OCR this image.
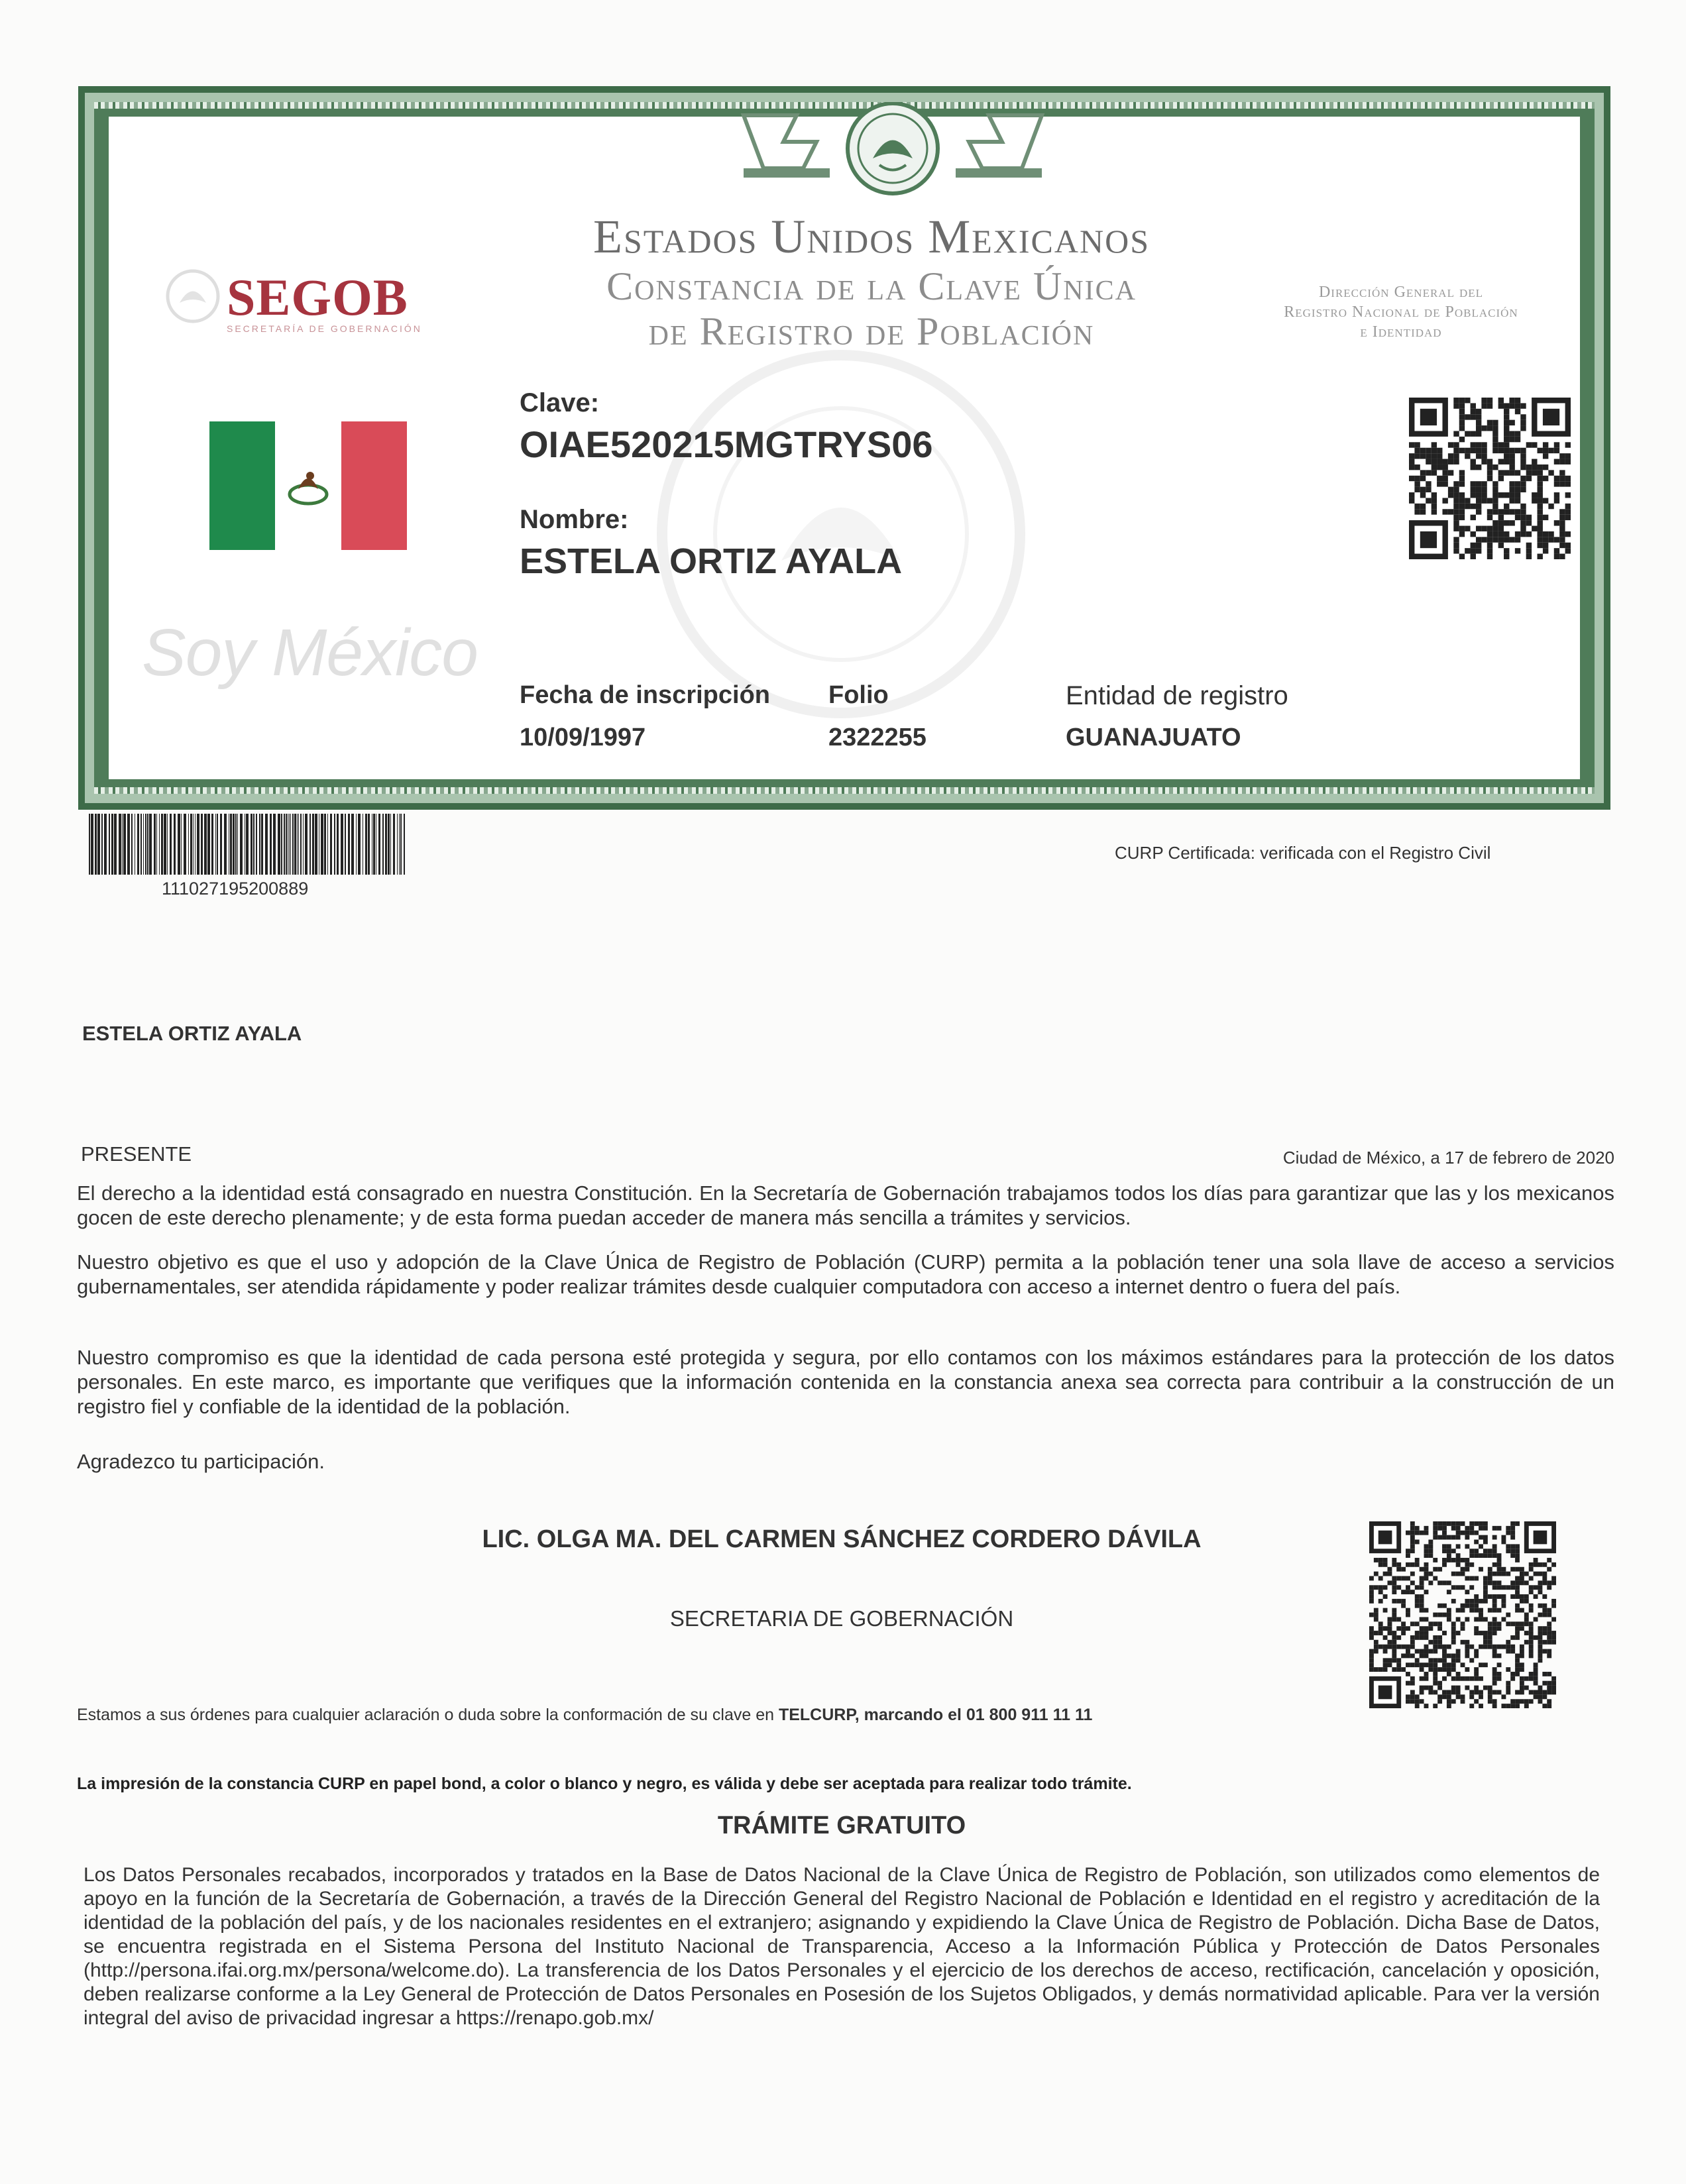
SEGOB
SECRETARÍA DE GOBERNACIÓN
Estados Unidos Mexicanos
Constancia de la Clave Única
de Registro de Población
Dirección General del
Registro Nacional de Población
e Identidad
Soy México
Clave:
OIAE520215MGTRYS06
Nombre:
ESTELA ORTIZ AYALA
Fecha de inscripción
10/09/1997
Folio
2322255
Entidad de registro
GUANAJUATO
111027195200889
CURP Certificada: verificada con el Registro Civil
ESTELA ORTIZ AYALA
PRESENTE	Ciudad de México, a 17 de febrero de 2020
El derecho a la identidad está consagrado en nuestra Constitución. En la Secretaría de Gobernación trabajamos todos los días para garantizar que las y los mexicanos gocen de este derecho plenamente; y de esta forma puedan acceder de manera más sencilla a trámites y servicios.
Nuestro objetivo es que el uso y adopción de la Clave Única de Registro de Población (CURP) permita a la población tener una sola llave de acceso a servicios gubernamentales, ser atendida rápidamente y poder realizar trámites desde cualquier computadora con acceso a internet dentro o fuera del país.
Nuestro compromiso es que la identidad de cada persona esté protegida y segura, por ello contamos con los máximos estándares para la protección de los datos personales. En este marco, es importante que verifiques que la información contenida en la constancia anexa sea correcta para contribuir a la construcción de un registro fiel y confiable de la identidad de la población.
Agradezco tu participación.
LIC. OLGA MA. DEL CARMEN SÁNCHEZ CORDERO DÁVILA
SECRETARIA DE GOBERNACIÓN
Estamos a sus órdenes para cualquier aclaración o duda sobre la conformación de su clave en TELCURP, marcando el 01 800 911 11 11
La impresión de la constancia CURP en papel bond, a color o blanco y negro, es válida y debe ser aceptada para realizar todo trámite.
TRÁMITE GRATUITO
Los Datos Personales recabados, incorporados y tratados en la Base de Datos Nacional de la Clave Única de Registro de Población, son utilizados como elementos de apoyo en la función de la Secretaría de Gobernación, a través de la Dirección General del Registro Nacional de Población e Identidad en el registro y acreditación de la identidad de la población del país, y de los nacionales residentes en el extranjero; asignando y expidiendo la Clave Única de Registro de Población. Dicha Base de Datos, se encuentra registrada en el Sistema Persona del Instituto Nacional de Transparencia, Acceso a la Información Pública y Protección de Datos Personales (http://persona.ifai.org.mx/persona/welcome.do). La transferencia de los Datos Personales y el ejercicio de los derechos de acceso, rectificación, cancelación y oposición, deben realizarse conforme a la Ley General de Protección de Datos Personales en Posesión de los Sujetos Obligados, y demás normatividad aplicable. Para ver la versión integral del aviso de privacidad ingresar a https://renapo.gob.mx/
